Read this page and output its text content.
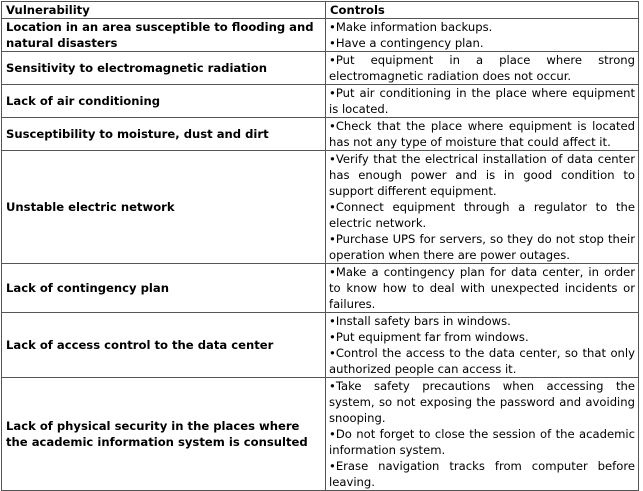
Vulnerability	Controls
Location in an area susceptible to flooding and natural disasters	•Make information backups.
•Have a contingency plan.

Sensitivity to electromagnetic radiation	•Put equipment in a place where strong electromagnetic radiation does not occur.

Lack of air conditioning	•Put air conditioning in the place where equipment is located.

Susceptibility to moisture, dust and dirt	•Check that the place where equipment is located has not any type of moisture that could affect it.

Unstable electric network	•Verify that the electrical installation of data center has enough power and is in good condition to support different equipment.
•Connect equipment through a regulator to the electric network.
•Purchase UPS for servers, so they do not stop their operation when there are power outages.

Lack of contingency plan	•Make a contingency plan for data center, in order to know how to deal with unexpected incidents or failures.

Lack of access control to the data center	•Install safety bars in windows.
•Put equipment far from windows.
•Control the access to the data center, so that only authorized people can access it.

Lack of physical security in the places where the academic information system is consulted	•Take safety precautions when accessing the system, so not exposing the password and avoiding snooping.
•Do not forget to close the session of the academic information system.
•Erase navigation tracks from computer before leaving.
